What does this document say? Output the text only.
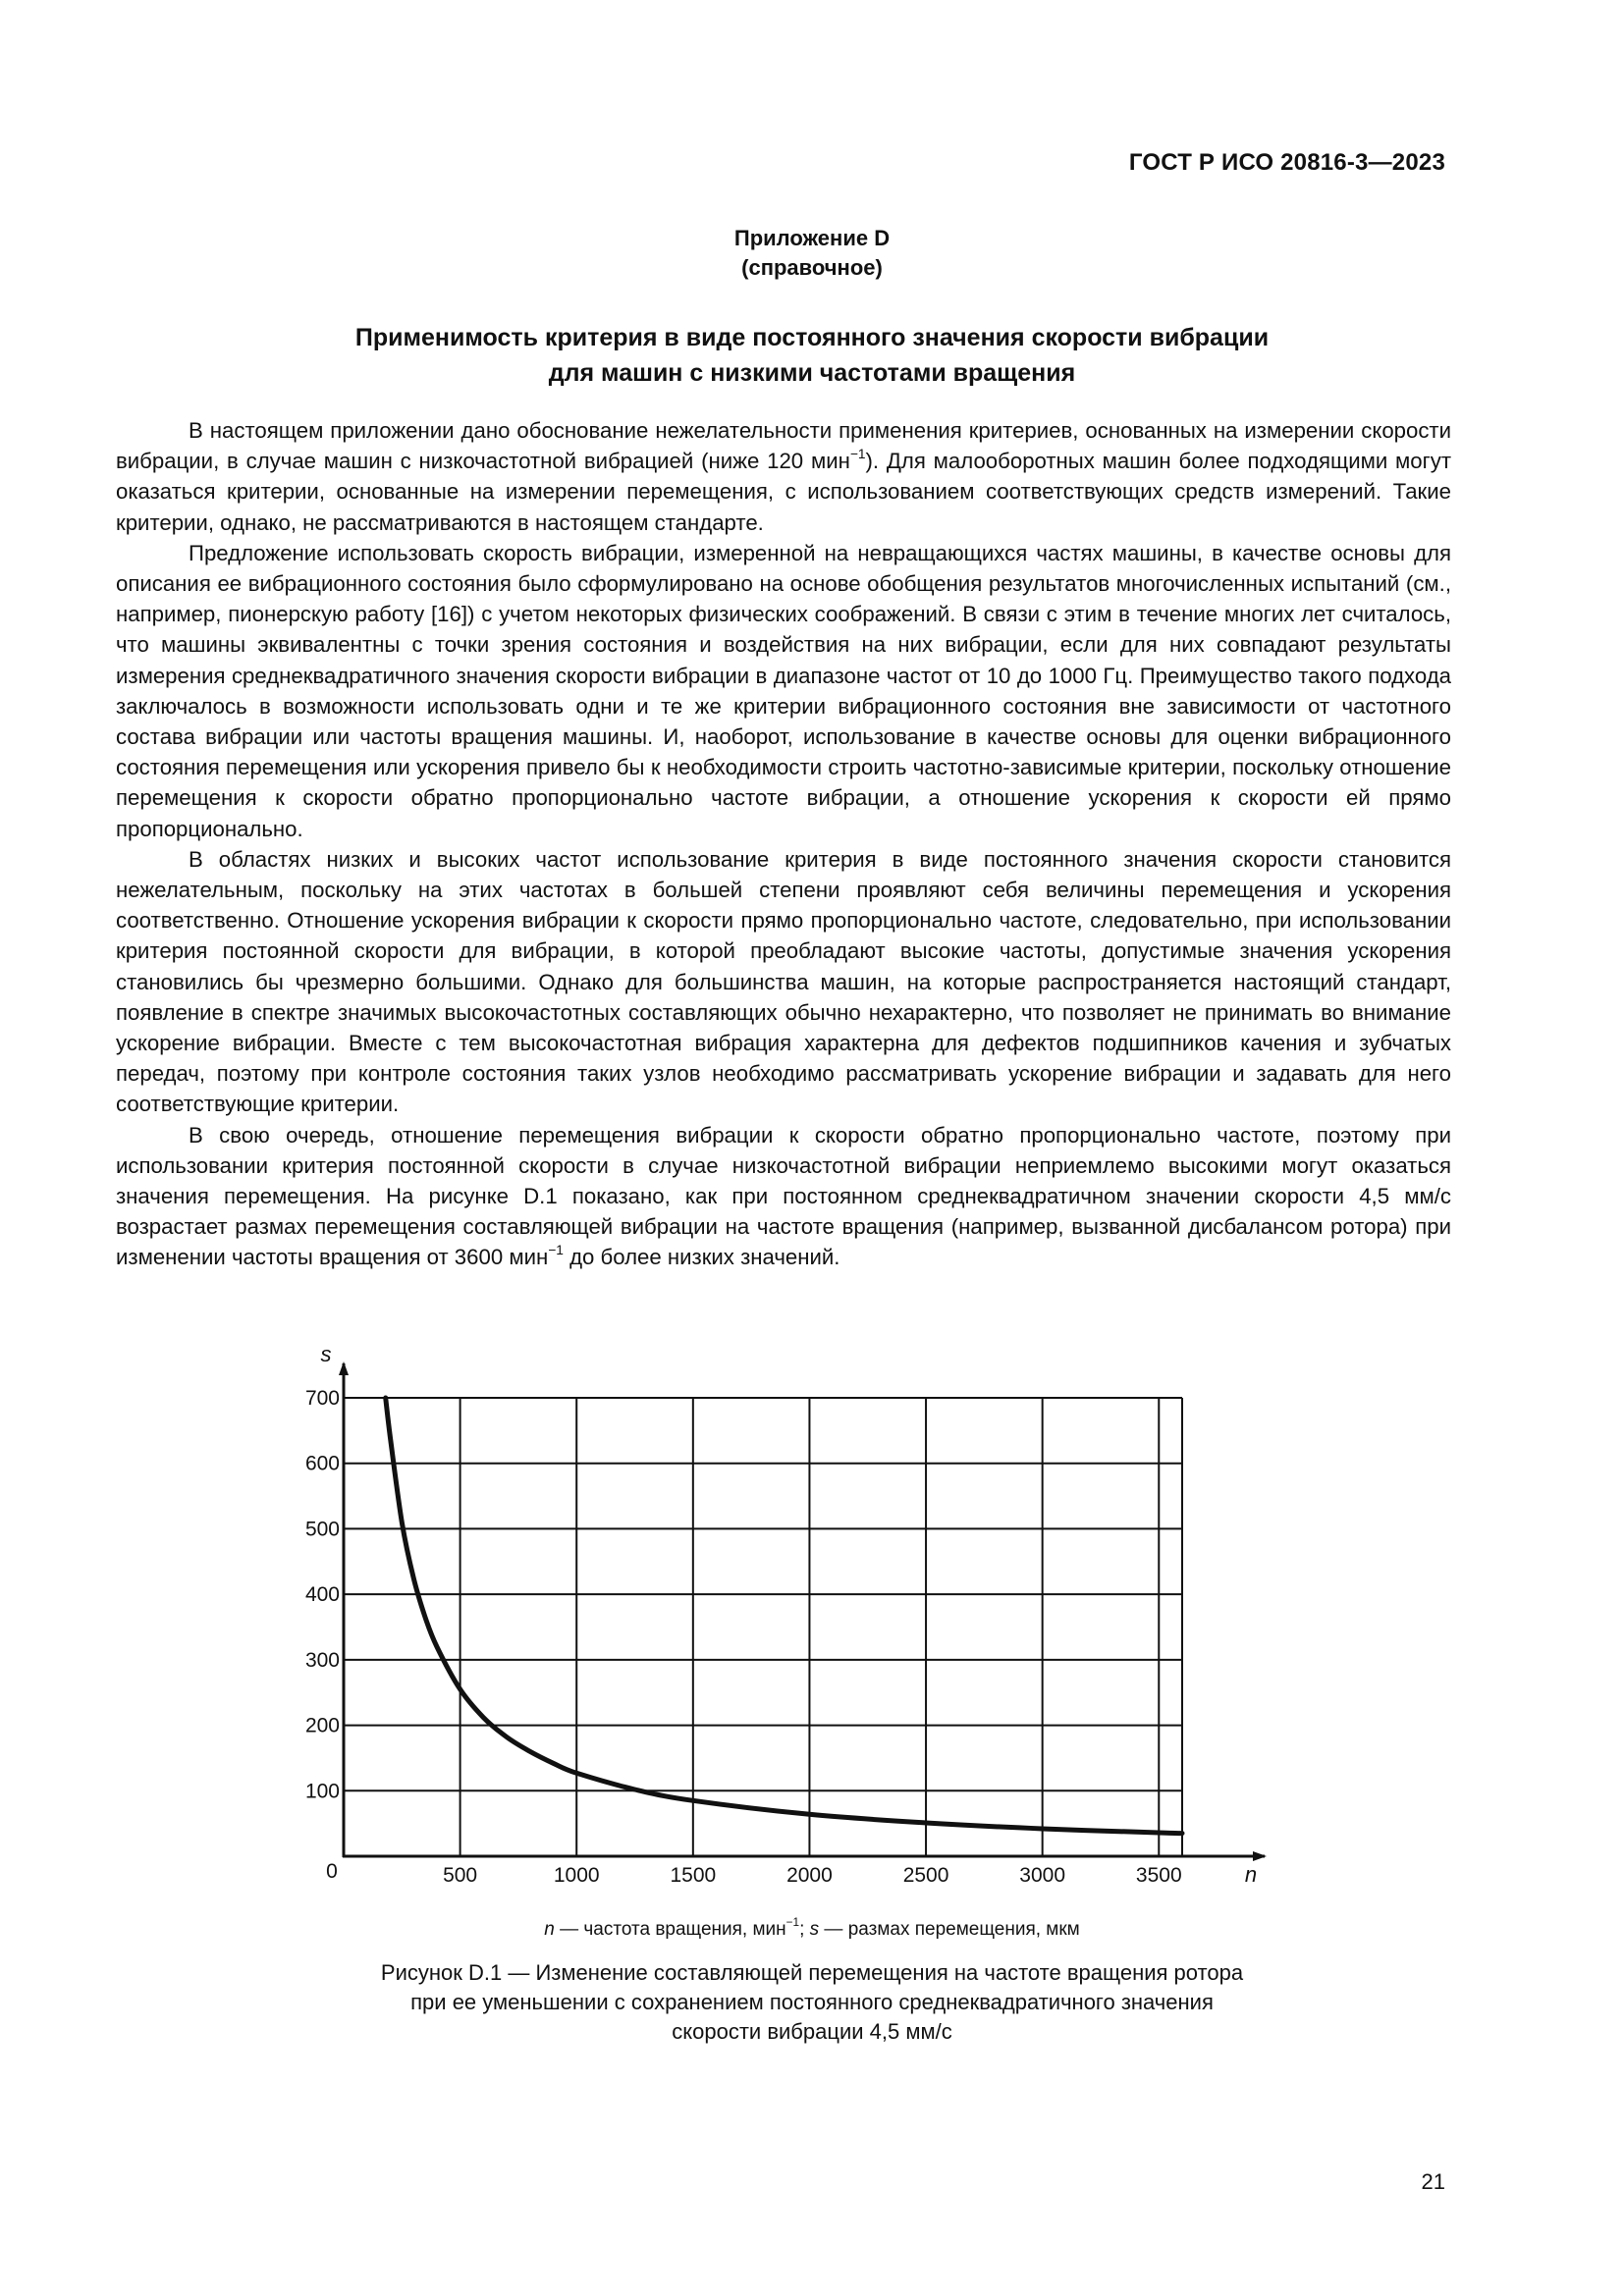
ГОСТ Р ИСО 20816-3—2023
Приложение D
(справочное)
Применимость критерия в виде постоянного значения скорости вибрации
для машин с низкими частотами вращения

В настоящем приложении дано обоснование нежелательности применения критериев, основанных на измерении скорости вибрации, в случае машин с низкочастотной вибрацией (ниже 120 мин$^{-1}$). Для малооборотных машин более подходящими могут оказаться критерии, основанные на измерении перемещения, с использованием соответствующих средств измерений. Такие критерии, однако, не рассматриваются в настоящем стандарте.

Предложение использовать скорость вибрации, измеренной на невращающихся частях машины, в качестве основы для описания ее вибрационного состояния было сформулировано на основе обобщения результатов многочисленных испытаний (см., например, пионерскую работу [16]) с учетом некоторых физических соображений. В связи с этим в течение многих лет считалось, что машины эквивалентны с точки зрения состояния и воздействия на них вибрации, если для них совпадают результаты измерения среднеквадратичного значения скорости вибрации в диапазоне частот от 10 до 1000 Гц. Преимущество такого подхода заключалось в возможности использовать одни и те же критерии вибрационного состояния вне зависимости от частотного состава вибрации или частоты вращения машины. И, наоборот, использование в качестве основы для оценки вибрационного состояния перемещения или ускорения привело бы к необходимости строить частотно-зависимые критерии, поскольку отношение перемещения к скорости обратно пропорционально частоте вибрации, а отношение ускорения к скорости ей прямо пропорционально.

В областях низких и высоких частот использование критерия в виде постоянного значения скорости становится нежелательным, поскольку на этих частотах в большей степени проявляют себя величины перемещения и ускорения соответственно. Отношение ускорения вибрации к скорости прямо пропорционально частоте, следовательно, при использовании критерия постоянной скорости для вибрации, в которой преобладают высокие частоты, допустимые значения ускорения становились бы чрезмерно большими. Однако для большинства машин, на которые распространяется настоящий стандарт, появление в спектре значимых высокочастотных составляющих обычно нехарактерно, что позволяет не принимать во внимание ускорение вибрации. Вместе с тем высокочастотная вибрация характерна для дефектов подшипников качения и зубчатых передач, поэтому при контроле состояния таких узлов необходимо рассматривать ускорение вибрации и задавать для него соответствующие критерии.

В свою очередь, отношение перемещения вибрации к скорости обратно пропорционально частоте, поэтому при использовании критерия постоянной скорости в случае низкочастотной вибрации неприемлемо высокими могут оказаться значения перемещения. На рисунке D.1 показано, как при постоянном среднеквадратичном значении скорости 4,5 мм/с возрастает размах перемещения составляющей вибрации на частоте вращения (например, вызванной дисбалансом ротора) при изменении частоты вращения от 3600 мин$^{-1}$ до более низких значений.

100
200
300
400
500
600
700
500	1000	1500	2000	2500	3000	3500
0
s
n
n — частота вращения, мин$^{-1}$; s — размах перемещения, мкм
Рисунок D.1 — Изменение составляющей перемещения на частоте вращения ротора
при ее уменьшении с сохранением постоянного среднеквадратичного значения
скорости вибрации 4,5 мм/с
21
